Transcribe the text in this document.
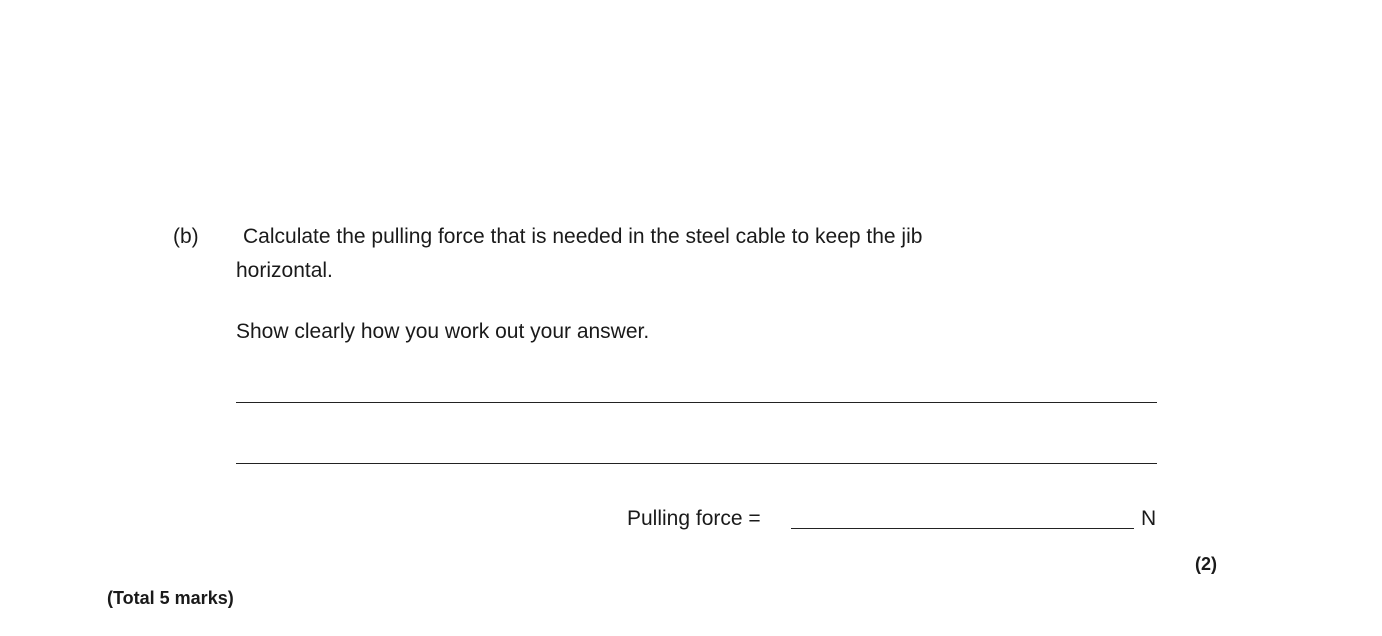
(b) Calculate the pulling force that is needed in the steel cable to keep the jib
horizontal.
Show clearly how you work out your answer.
Pulling force =	N
(2)
(Total 5 marks)
